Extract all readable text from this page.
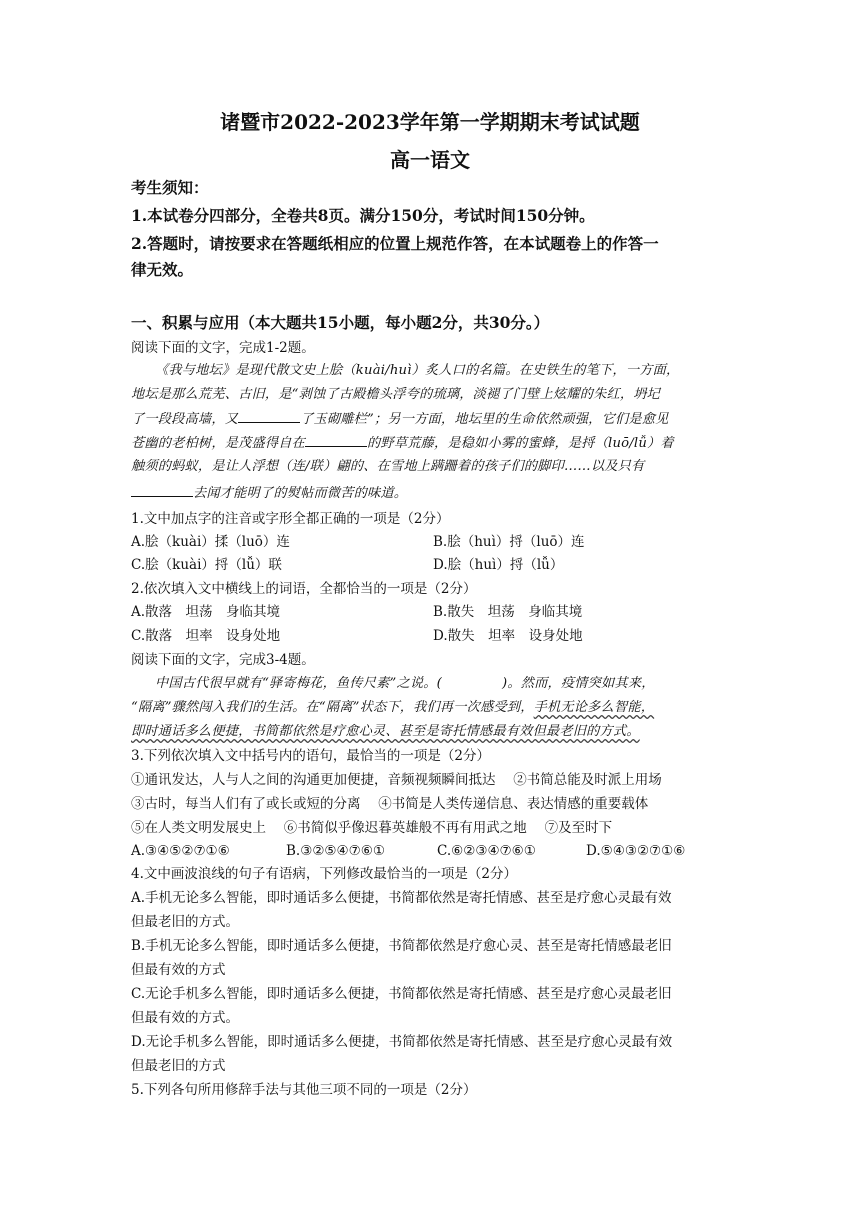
诸暨市2022-2023学年第一学期期末考试试题
高一语文
考生须知：
1.本试卷分四部分，全卷共8页。满分150分，考试时间150分钟。
2.答题时，请按要求在答题纸相应的位置上规范作答，在本试题卷上的作答一
律无效。
一、积累与应用（本大题共15小题，每小题2分，共30分。）
阅读下面的文字，完成1-2题。
《我与地坛》是现代散文史上脍（kuài/huì）炙人口的名篇。在史铁生的笔下，一方面，
地坛是那么荒芜、古旧，是“剥蚀了古殿檐头浮夸的琉璃，淡褪了门壁上炫耀的朱红，坍圮
了一段段高墙，又	了玉砌雕栏”；另一方面，地坛里的生命依然顽强，它们是愈见
苍幽的老柏树，是茂盛得自在	的野草荒藤，是稳如小雾的蜜蜂，是捋（luō/lǚ）着
触须的蚂蚁，是让人浮想（连/联）翩的、在雪地上蹒跚着的孩子们的脚印……以及只有
去闻才能明了的熨帖而微苦的味道。
1.文中加点字的注音或字形全都正确的一项是（2分）
A.脍（kuài）揉（luō）连	B.脍（huì）捋（luō）连
C.脍（kuài）捋（lǚ）联	D.脍（huì）捋（lǚ）
2.依次填入文中横线上的词语，全都恰当的一项是（2分）
A.散落　坦荡　身临其境	B.散失　坦荡　身临其境
C.散落　坦率　设身处地	D.散失　坦率　设身处地
阅读下面的文字，完成3-4题。
中国古代很早就有“驿寄梅花，鱼传尺素”之说。(	)。然而，疫情突如其来，
“隔离”骤然闯入我们的生活。在“隔离”状态下，我们再一次感受到，手机无论多么智能，
即时通话多么便捷，书简都依然是疗愈心灵、甚至是寄托情感最有效但最老旧的方式。
3.下列依次填入文中括号内的语句，最恰当的一项是（2分）
①通讯发达，人与人之间的沟通更加便捷，音频视频瞬间抵达　 ②书简总能及时派上用场
③古时，每当人们有了或长或短的分离　 ④书简是人类传递信息、表达情感的重要载体
⑤在人类文明发展史上　 ⑥书简似乎像迟暮英雄般不再有用武之地　 ⑦及至时下
A.③④⑤②⑦①⑥	B.③②⑤④⑦⑥①	C.⑥②③④⑦⑥①	D.⑤④③②⑦①⑥
4.文中画波浪线的句子有语病，下列修改最恰当的一项是（2分）
A.手机无论多么智能，即时通话多么便捷，书简都依然是寄托情感、甚至是疗愈心灵最有效
但最老旧的方式。
B.手机无论多么智能，即时通话多么便捷，书简都依然是疗愈心灵、甚至是寄托情感最老旧
但最有效的方式
C.无论手机多么智能，即时通话多么便捷，书简都依然是寄托情感、甚至是疗愈心灵最老旧
但最有效的方式。
D.无论手机多么智能，即时通话多么便捷，书简都依然是寄托情感、甚至是疗愈心灵最有效
但最老旧的方式
5.下列各句所用修辞手法与其他三项不同的一项是（2分）
